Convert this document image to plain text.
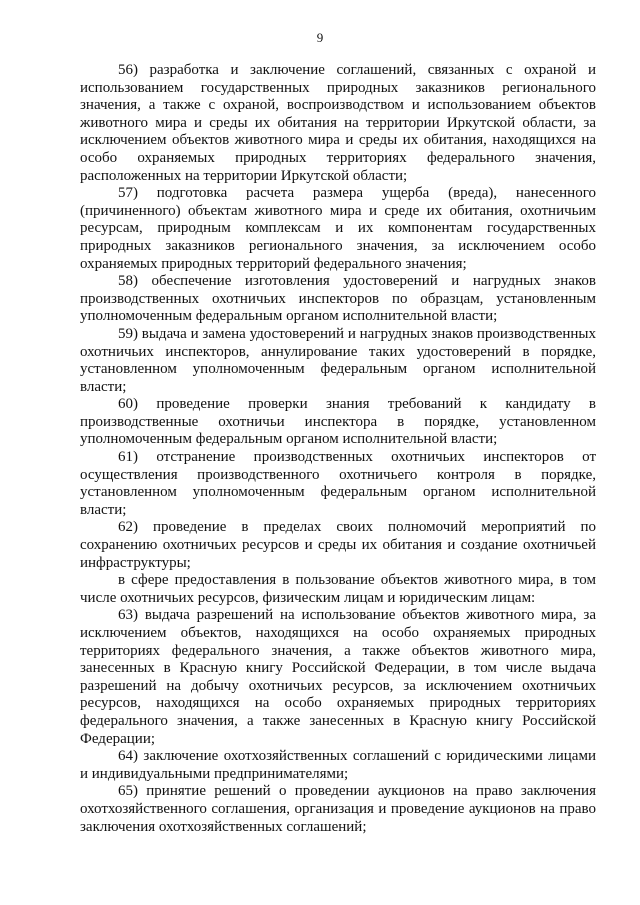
9

56) разработка и заключение соглашений, связанных с охраной и использованием государственных природных заказников регионального значения, а также с охраной, воспроизводством и использованием объектов животного мира и среды их обитания на территории Иркутской области, за исключением объектов животного мира и среды их обитания, находящихся на особо охраняемых природных территориях федерального значения, расположенных на территории Иркутской области;

57) подготовка расчета размера ущерба (вреда), нанесенного (причиненного) объектам животного мира и среде их обитания, охотничьим ресурсам, природным комплексам и их компонентам государственных природных заказников регионального значения, за исключением особо охраняемых природных территорий федерального значения;

58) обеспечение изготовления удостоверений и нагрудных знаков производственных охотничьих инспекторов по образцам, установленным уполномоченным федеральным органом исполнительной власти;

59) выдача и замена удостоверений и нагрудных знаков производственных охотничьих инспекторов, аннулирование таких удостоверений в порядке, установленном уполномоченным федеральным органом исполнительной власти;

60) проведение проверки знания требований к кандидату в производственные охотничьи инспектора в порядке, установленном уполномоченным федеральным органом исполнительной власти;

61) отстранение производственных охотничьих инспекторов от осуществления производственного охотничьего контроля в порядке, установленном уполномоченным федеральным органом исполнительной власти;

62) проведение в пределах своих полномочий мероприятий по сохранению охотничьих ресурсов и среды их обитания и создание охотничьей инфраструктуры;

в сфере предоставления в пользование объектов животного мира, в том числе охотничьих ресурсов, физическим лицам и юридическим лицам:

63) выдача разрешений на использование объектов животного мира, за исключением объектов, находящихся на особо охраняемых природных территориях федерального значения, а также объектов животного мира, занесенных в Красную книгу Российской Федерации, в том числе выдача разрешений на добычу охотничьих ресурсов, за исключением охотничьих ресурсов, находящихся на особо охраняемых природных территориях федерального значения, а также занесенных в Красную книгу Российской Федерации;

64) заключение охотхозяйственных соглашений с юридическими лицами и индивидуальными предпринимателями;

65) принятие решений о проведении аукционов на право заключения охотхозяйственного соглашения, организация и проведение аукционов на право заключения охотхозяйственных соглашений;
